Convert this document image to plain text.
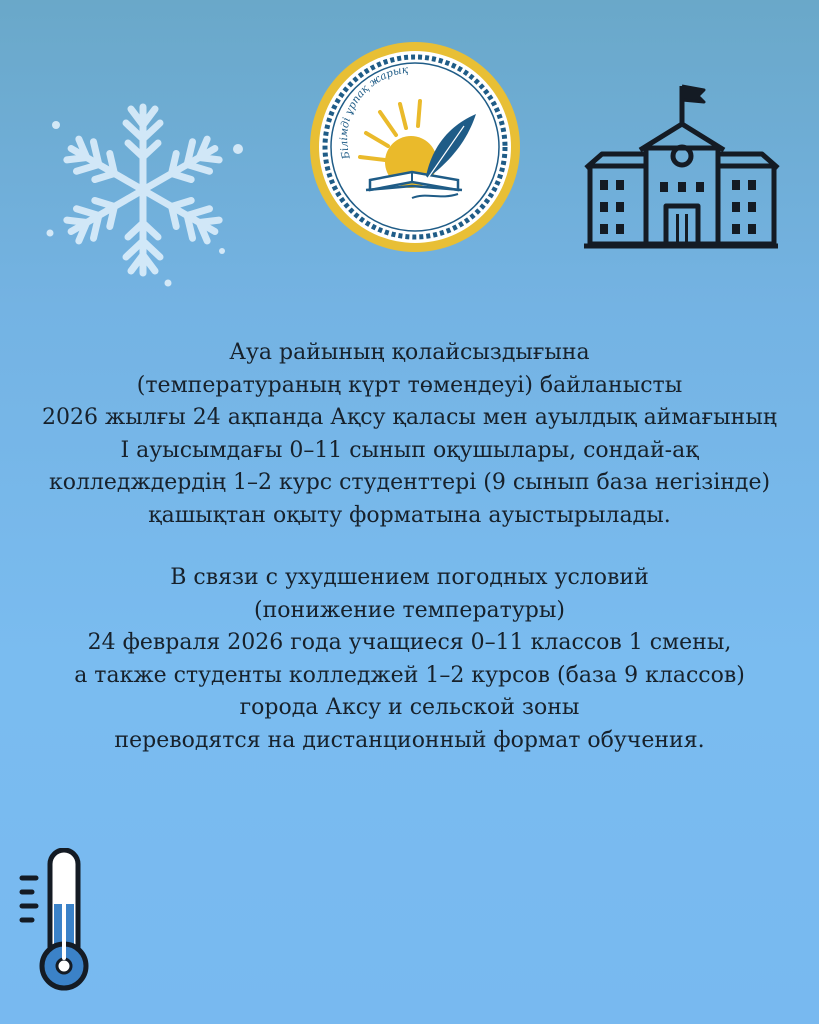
Білімді ұрпақ жарық

Ауа райының қолайсыздығына

(температураның күрт төмендеуі) байланысты

2026 жылғы 24 ақпанда Ақсу қаласы мен ауылдық аймағының

I ауысымдағы 0–11 сынып оқушылары, сондай-ақ

колледждердің 1–2 курс студенттері (9 сынып база негізінде)

қашықтан оқыту форматына ауыстырылады.

В связи с ухудшением погодных условий

(понижение температуры)

24 февраля 2026 года учащиеся 0–11 классов 1 смены,

а также студенты колледжей 1–2 курсов (база 9 классов)

города Аксу и сельской зоны

переводятся на дистанционный формат обучения.
